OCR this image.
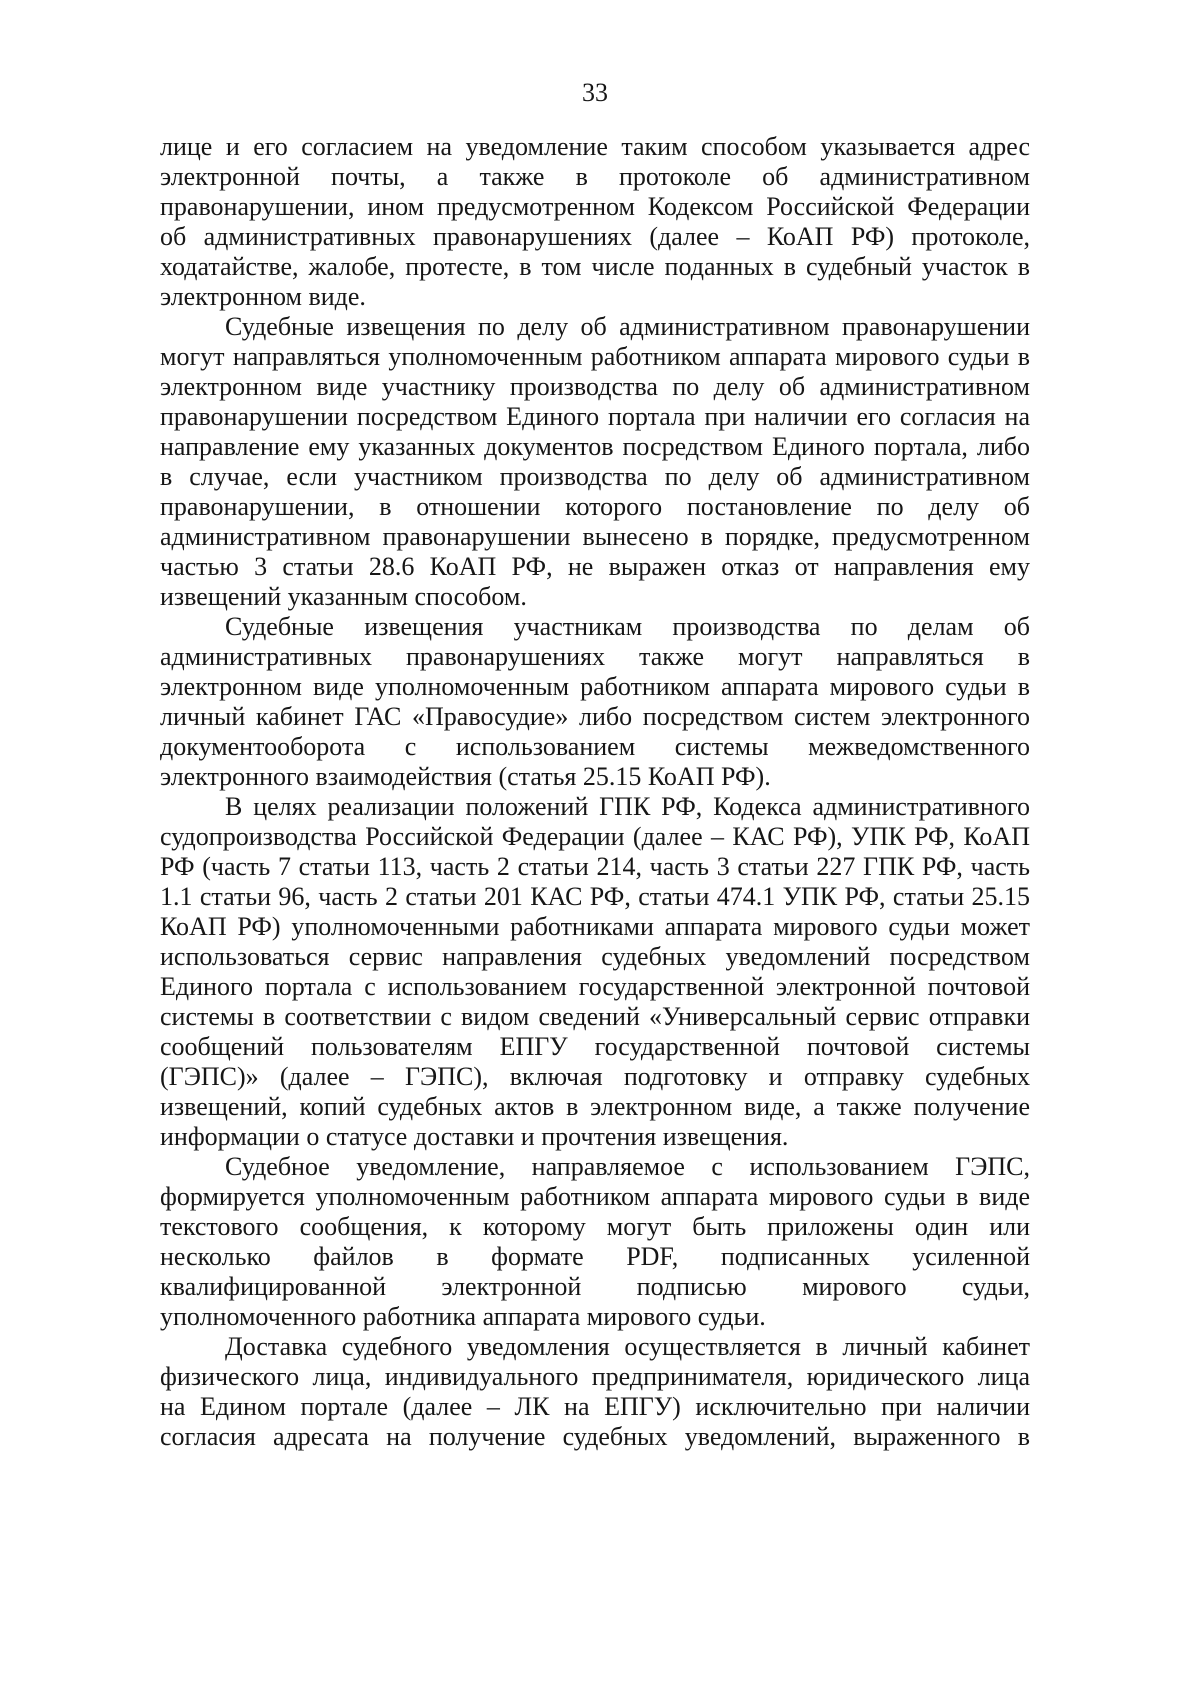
33
лице и его согласием на уведомление таким способом указывается адрес
электронной почты, а также в протоколе об административном
правонарушении, ином предусмотренном Кодексом Российской Федерации
об административных правонарушениях (далее – КоАП РФ) протоколе,
ходатайстве, жалобе, протесте, в том числе поданных в судебный участок в
электронном виде.
Судебные извещения по делу об административном правонарушении
могут направляться уполномоченным работником аппарата мирового судьи в
электронном виде участнику производства по делу об административном
правонарушении посредством Единого портала при наличии его согласия на
направление ему указанных документов посредством Единого портала, либо
в случае, если участником производства по делу об административном
правонарушении, в отношении которого постановление по делу об
административном правонарушении вынесено в порядке, предусмотренном
частью 3 статьи 28.6 КоАП РФ, не выражен отказ от направления ему
извещений указанным способом.
Судебные извещения участникам производства по делам об
административных правонарушениях также могут направляться в
электронном виде уполномоченным работником аппарата мирового судьи в
личный кабинет ГАС «Правосудие» либо посредством систем электронного
документооборота с использованием системы межведомственного
электронного взаимодействия (статья 25.15 КоАП РФ).
В целях реализации положений ГПК РФ, Кодекса административного
судопроизводства Российской Федерации (далее – КАС РФ), УПК РФ, КоАП
РФ (часть 7 статьи 113, часть 2 статьи 214, часть 3 статьи 227 ГПК РФ, часть
1.1 статьи 96, часть 2 статьи 201 КАС РФ, статьи 474.1 УПК РФ, статьи 25.15
КоАП РФ) уполномоченными работниками аппарата мирового судьи может
использоваться сервис направления судебных уведомлений посредством
Единого портала с использованием государственной электронной почтовой
системы в соответствии с видом сведений «Универсальный сервис отправки
сообщений пользователям ЕПГУ государственной почтовой системы
(ГЭПС)» (далее – ГЭПС), включая подготовку и отправку судебных
извещений, копий судебных актов в электронном виде, а также получение
информации о статусе доставки и прочтения извещения.
Судебное уведомление, направляемое с использованием ГЭПС,
формируется уполномоченным работником аппарата мирового судьи в виде
текстового сообщения, к которому могут быть приложены один или
несколько файлов в формате PDF, подписанных усиленной
квалифицированной электронной подписью мирового судьи,
уполномоченного работника аппарата мирового судьи.
Доставка судебного уведомления осуществляется в личный кабинет
физического лица, индивидуального предпринимателя, юридического лица
на Едином портале (далее – ЛК на ЕПГУ) исключительно при наличии
согласия адресата на получение судебных уведомлений, выраженного в
